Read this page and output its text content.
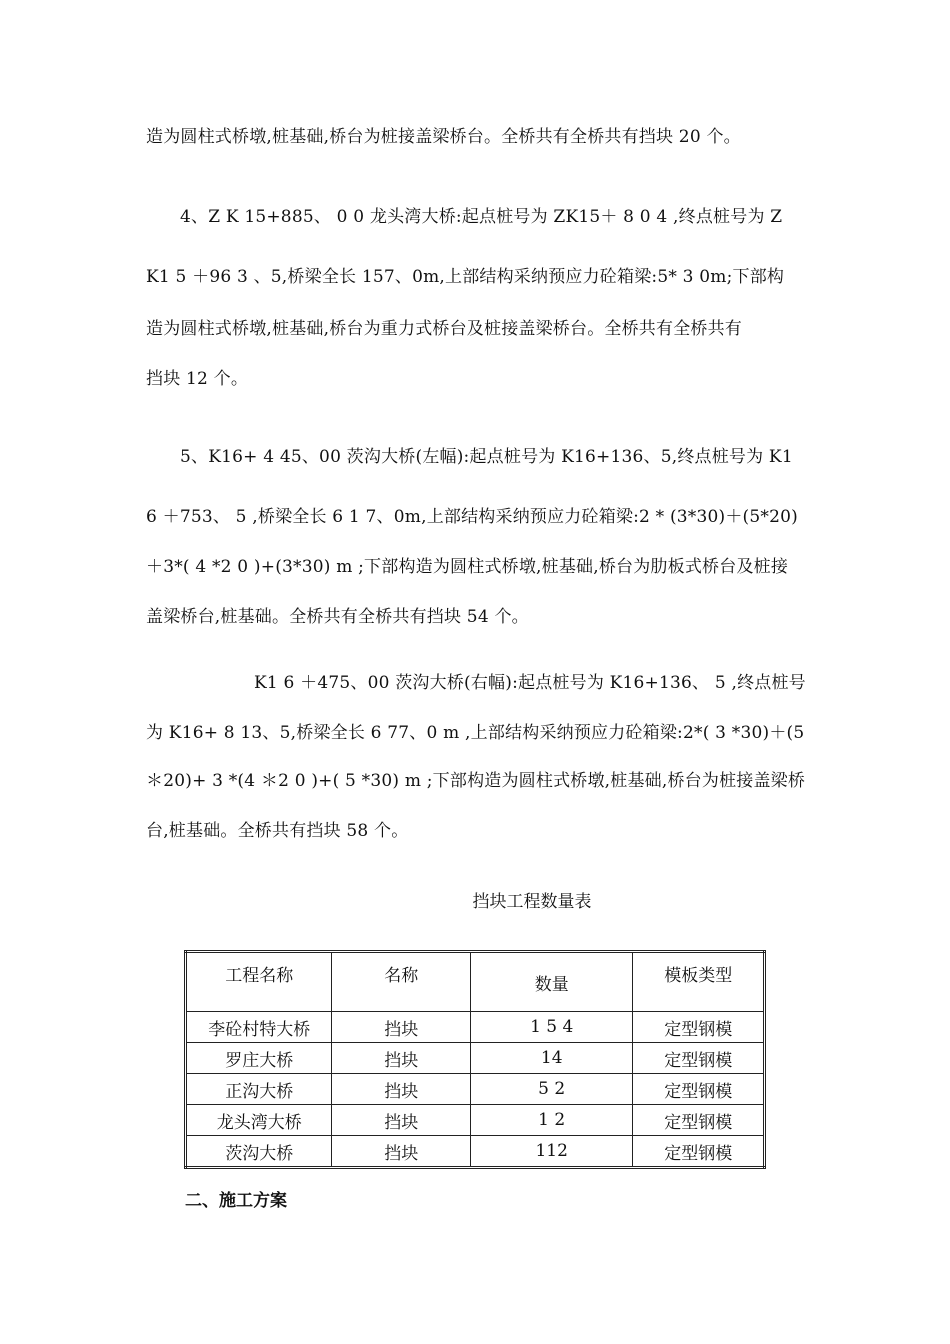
造为圆柱式桥墩,桩基础,桥台为桩接盖梁桥台。全桥共有全桥共有挡块 20 个。
4、Z K 15+885、 0 0 龙头湾大桥:起点桩号为 ZK15＋ 8 0 4 ,终点桩号为 Z
K1 5 ＋96 3 、5,桥梁全长 157、0m,上部结构采纳预应力砼箱梁:5* 3 0m;下部构
造为圆柱式桥墩,桩基础,桥台为重力式桥台及桩接盖梁桥台。全桥共有全桥共有
挡块 12 个。
5、K16+ 4 45、00 茨沟大桥(左幅):起点桩号为 K16+136、5,终点桩号为 K1
6 ＋753、 5 ,桥梁全长 6 1 7、0m,上部结构采纳预应力砼箱梁:2 * (3*30)＋(5*20)
＋3*( 4 *2 0 )+(3*30) m ;下部构造为圆柱式桥墩,桩基础,桥台为肋板式桥台及桩接
盖梁桥台,桩基础。全桥共有全桥共有挡块 54 个。
K1 6 ＋475、00 茨沟大桥(右幅):起点桩号为 K16+136、 5 ,终点桩号
为 K16+ 8 13、5,桥梁全长 6 77、0 m ,上部结构采纳预应力砼箱梁:2*( 3 *30)＋(5
＊20)+ 3 *(4 ＊2 0 )+( 5 *30) m ;下部构造为圆柱式桥墩,桩基础,桥台为桩接盖梁桥
台,桩基础。全桥共有挡块 58 个。
挡块工程数量表
工程名称	名称	数量	模板类型
李砼村特大桥	挡块	1 5 4	定型钢模
罗庄大桥	挡块	14	定型钢模
正沟大桥	挡块	5 2	定型钢模
龙头湾大桥	挡块	1 2	定型钢模
茨沟大桥	挡块	112	定型钢模
二、施工方案
